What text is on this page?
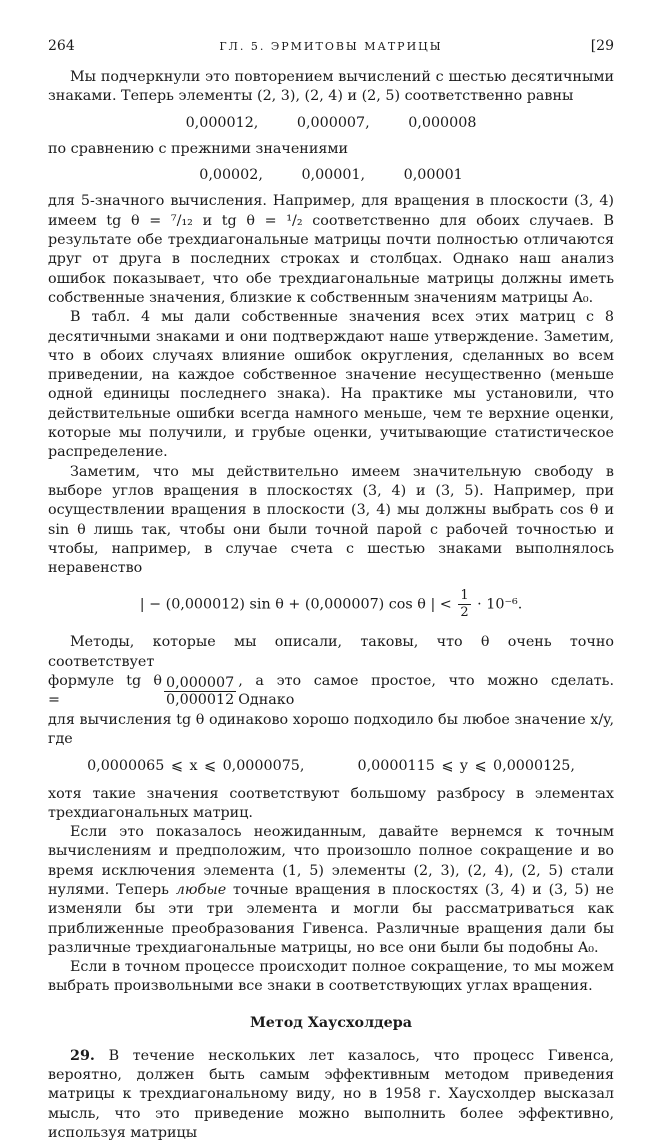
264	ГЛ. 5. ЭРМИТОВЫ МАТРИЦЫ	[29

Мы подчеркнули это повторением вычислений с шестью десятичными знаками. Теперь элементы (2, 3), (2, 4) и (2, 5) соответственно равны

0,000012,	0,000007,	0,000008

по сравнению с прежними значениями

0,00002,	0,00001,	0,00001

для 5-значного вычисления. Например, для вращения в плоскости (3, 4) имеем tg θ = ⁷/₁₂ и tg θ = ¹/₂ соответственно для обоих случаев. В результате обе трехдиагональные матрицы почти полностью отличаются друг от друга в последних строках и столбцах. Однако наш анализ ошибок показывает, что обе трехдиагональные матрицы должны иметь собственные значения, близкие к собственным значениям матрицы A₀.

В табл. 4 мы дали собственные значения всех этих матриц с 8 десятичными знаками и они подтверждают наше утверждение. Заметим, что в обоих случаях влияние ошибок округления, сделанных во всем приведении, на каждое собственное значение несущественно (меньше одной единицы последнего знака). На практике мы установили, что действительные ошибки всегда намного меньше, чем те верхние оценки, которые мы получили, и грубые оценки, учитывающие статистическое распределение.

Заметим, что мы действительно имеем значительную свободу в выборе углов вращения в плоскостях (3, 4) и (3, 5). Например, при осуществлении вращения в плоскости (3, 4) мы должны выбрать cos θ и sin θ лишь так, чтобы они были точной парой с рабочей точностью и чтобы, например, в случае счета с шестью знаками выполнялось неравенство

| − (0,000012) sin θ + (0,000007) cos θ | < $\frac{1}{2} \cdot 10^{-6}$.

Методы, которые мы описали, таковы, что θ очень точно соответствует

формуле tg θ =	$\frac{0,000007}{0,000012}$ , а это самое простое, что можно сделать. Однако

для вычисления tg θ одинаково хорошо подходило бы любое значение x/y, где

0,0000065 ⩽ x ⩽ 0,0000075,	0,0000115 ⩽ y ⩽ 0,0000125,

хотя такие значения соответствуют большому разбросу в элементах трехдиагональных матриц.

Если это показалось неожиданным, давайте вернемся к точным вычислениям и предположим, что произошло полное сокращение и во время исключения элемента (1, 5) элементы (2, 3), (2, 4), (2, 5) стали нулями. Теперь любые точные вращения в плоскостях (3, 4) и (3, 5) не изменяли бы эти три элемента и могли бы рассматриваться как приближенные преобразования Гивенса. Различные вращения дали бы различные трехдиагональные матрицы, но все они были бы подобны A₀.

Если в точном процессе происходит полное сокращение, то мы можем выбрать произвольными все знаки в соответствующих углах вращения.

Метод Хаусхолдера

29. В течение нескольких лет казалось, что процесс Гивенса, вероятно, должен быть самым эффективным методом приведения матрицы к трехдиагональному виду, но в 1958 г. Хаусхолдер высказал мысль, что это приведение можно выполнить более эффективно, используя матрицы
